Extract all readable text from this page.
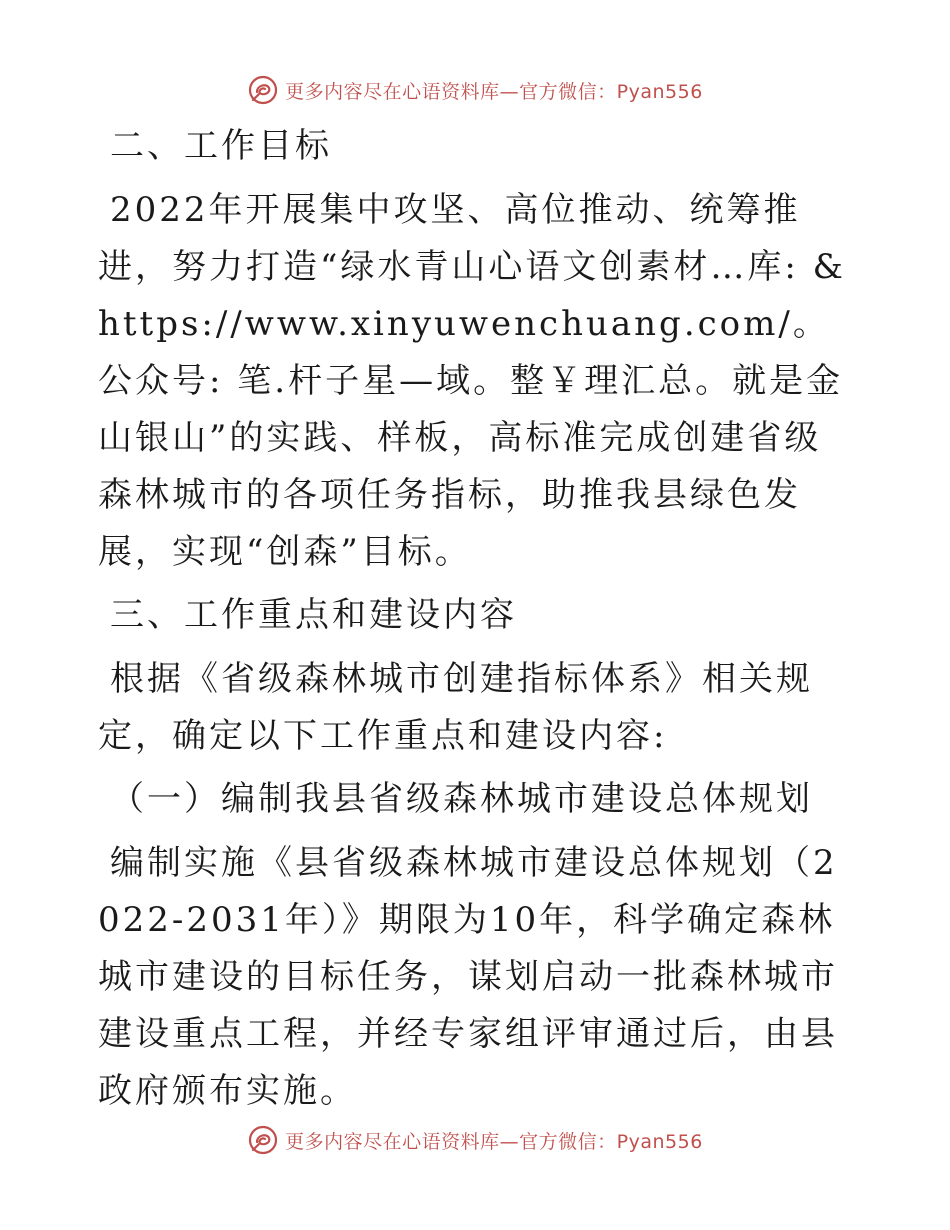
更多内容尽在心语资料库—官方微信：Pyan556
二、工作目标

2022年开展集中攻坚、高位推动、统筹推进，努力打造“绿水青山心语文创素材…库: &https://www.xinyuwenchuang.com/。公众号: 笔.杆子星—域。整￥理汇总。就是金山银山”的实践、样板，高标准完成创建省级森林城市的各项任务指标，助推我县绿色发展，实现“创森”目标。

三、工作重点和建设内容

根据《省级森林城市创建指标体系》相关规定，确定以下工作重点和建设内容:

（一）编制我县省级森林城市建设总体规划

编制实施《县省级森林城市建设总体规划（2022-2031年）》期限为10年，科学确定森林城市建设的目标任务，谋划启动一批森林城市建设重点工程，并经专家组评审通过后，由县政府颁布实施。

更多内容尽在心语资料库—官方微信：Pyan556
